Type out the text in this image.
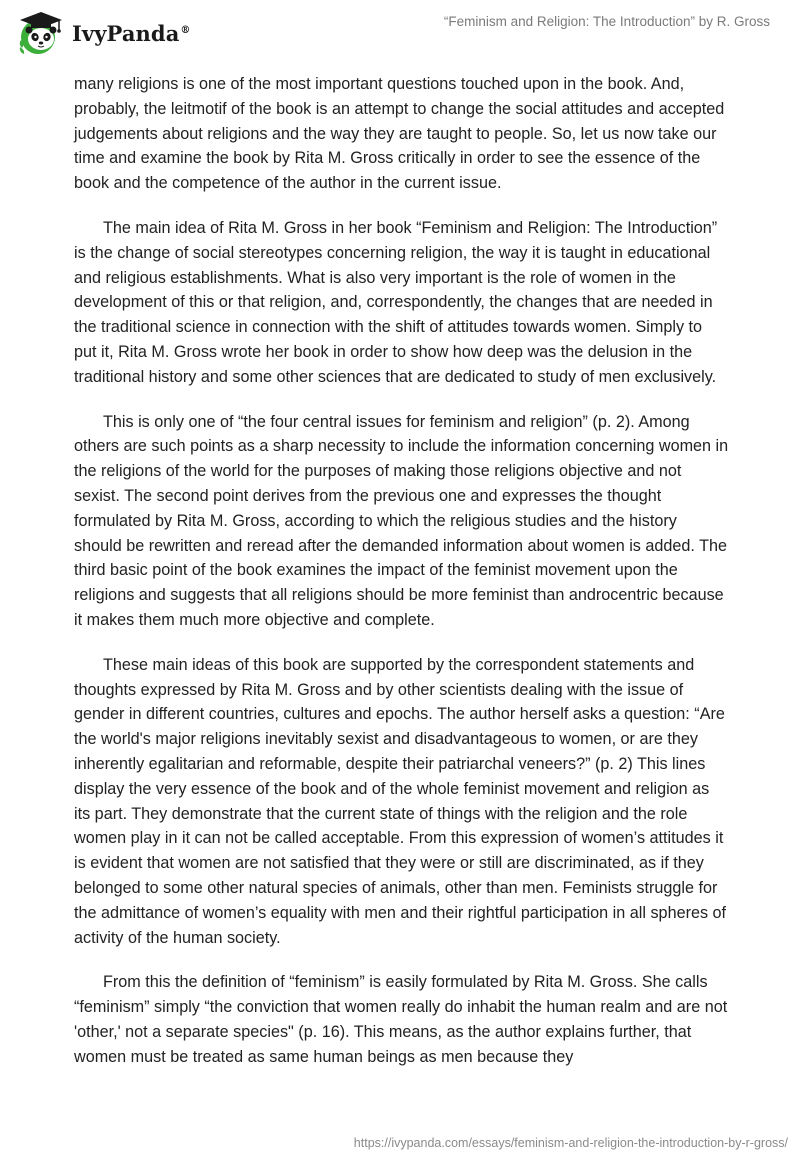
IvyPanda®
“Feminism and Religion: The Introduction” by R. Gross

many religions is one of the most important questions touched upon in the book. And, probably, the leitmotif of the book is an attempt to change the social attitudes and accepted judgements about religions and the way they are taught to people. So, let us now take our time and examine the book by Rita M. Gross critically in order to see the essence of the book and the competence of the author in the current issue.

The main idea of Rita M. Gross in her book “Feminism and Religion: The Introduction” is the change of social stereotypes concerning religion, the way it is taught in educational and religious establishments. What is also very important is the role of women in the development of this or that religion, and, correspondently, the changes that are needed in the traditional science in connection with the shift of attitudes towards women. Simply to put it, Rita M. Gross wrote her book in order to show how deep was the delusion in the traditional history and some other sciences that are dedicated to study of men exclusively.

This is only one of “the four central issues for feminism and religion” (p. 2). Among others are such points as a sharp necessity to include the information concerning women in the religions of the world for the purposes of making those religions objective and not sexist. The second point derives from the previous one and expresses the thought formulated by Rita M. Gross, according to which the religious studies and the history should be rewritten and reread after the demanded information about women is added. The third basic point of the book examines the impact of the feminist movement upon the religions and suggests that all religions should be more feminist than androcentric because it makes them much more objective and complete.

These main ideas of this book are supported by the correspondent statements and thoughts expressed by Rita M. Gross and by other scientists dealing with the issue of gender in different countries, cultures and epochs. The author herself asks a question: “Are the world's major religions inevitably sexist and disadvantageous to women, or are they inherently egalitarian and reformable, despite their patriarchal veneers?” (p. 2) This lines display the very essence of the book and of the whole feminist movement and religion as its part. They demonstrate that the current state of things with the religion and the role women play in it can not be called acceptable. From this expression of women’s attitudes it is evident that women are not satisfied that they were or still are discriminated, as if they belonged to some other natural species of animals, other than men. Feminists struggle for the admittance of women’s equality with men and their rightful participation in all spheres of activity of the human society.

From this the definition of “feminism” is easily formulated by Rita M. Gross. She calls “feminism” simply “the conviction that women really do inhabit the human realm and are not 'other,' not a separate species" (p. 16). This means, as the author explains further, that women must be treated as same human beings as men because they

https://ivypanda.com/essays/feminism-and-religion-the-introduction-by-r-gross/
